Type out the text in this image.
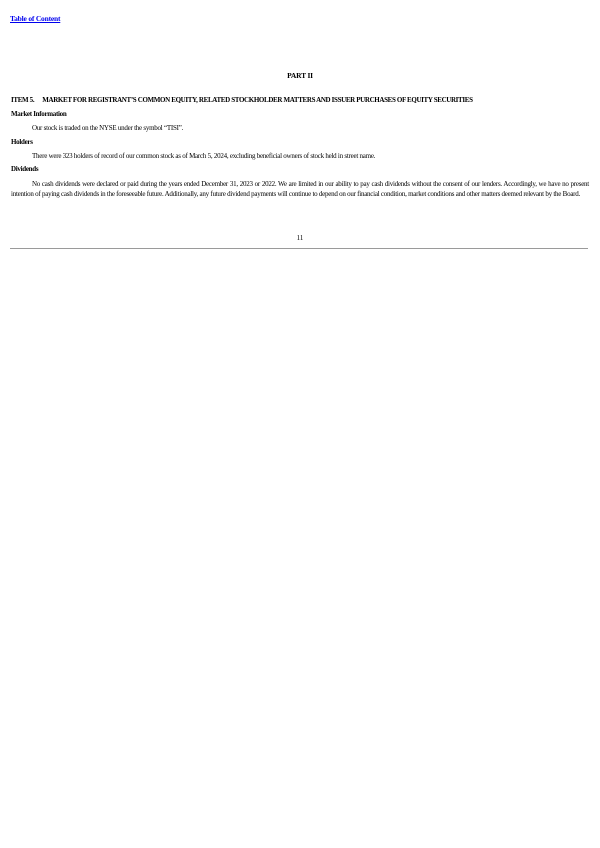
Table of Content
PART II
ITEM 5. MARKET FOR REGISTRANT’S COMMON EQUITY, RELATED STOCKHOLDER MATTERS AND ISSUER PURCHASES OF EQUITY SECURITIES
Market Information
Our stock is traded on the NYSE under the symbol “TISI”.
Holders
There were 323 holders of record of our common stock as of March 5, 2024, excluding beneficial owners of stock held in street name.
Dividends
No cash dividends were declared or paid during the years ended December 31, 2023 or 2022. We are limited in our ability to pay cash dividends without the consent of our lenders. Accordingly, we have no present intention of paying cash dividends in the foreseeable future. Additionally, any future dividend payments will continue to depend on our financial condition, market conditions and other matters deemed relevant by the Board.
11
